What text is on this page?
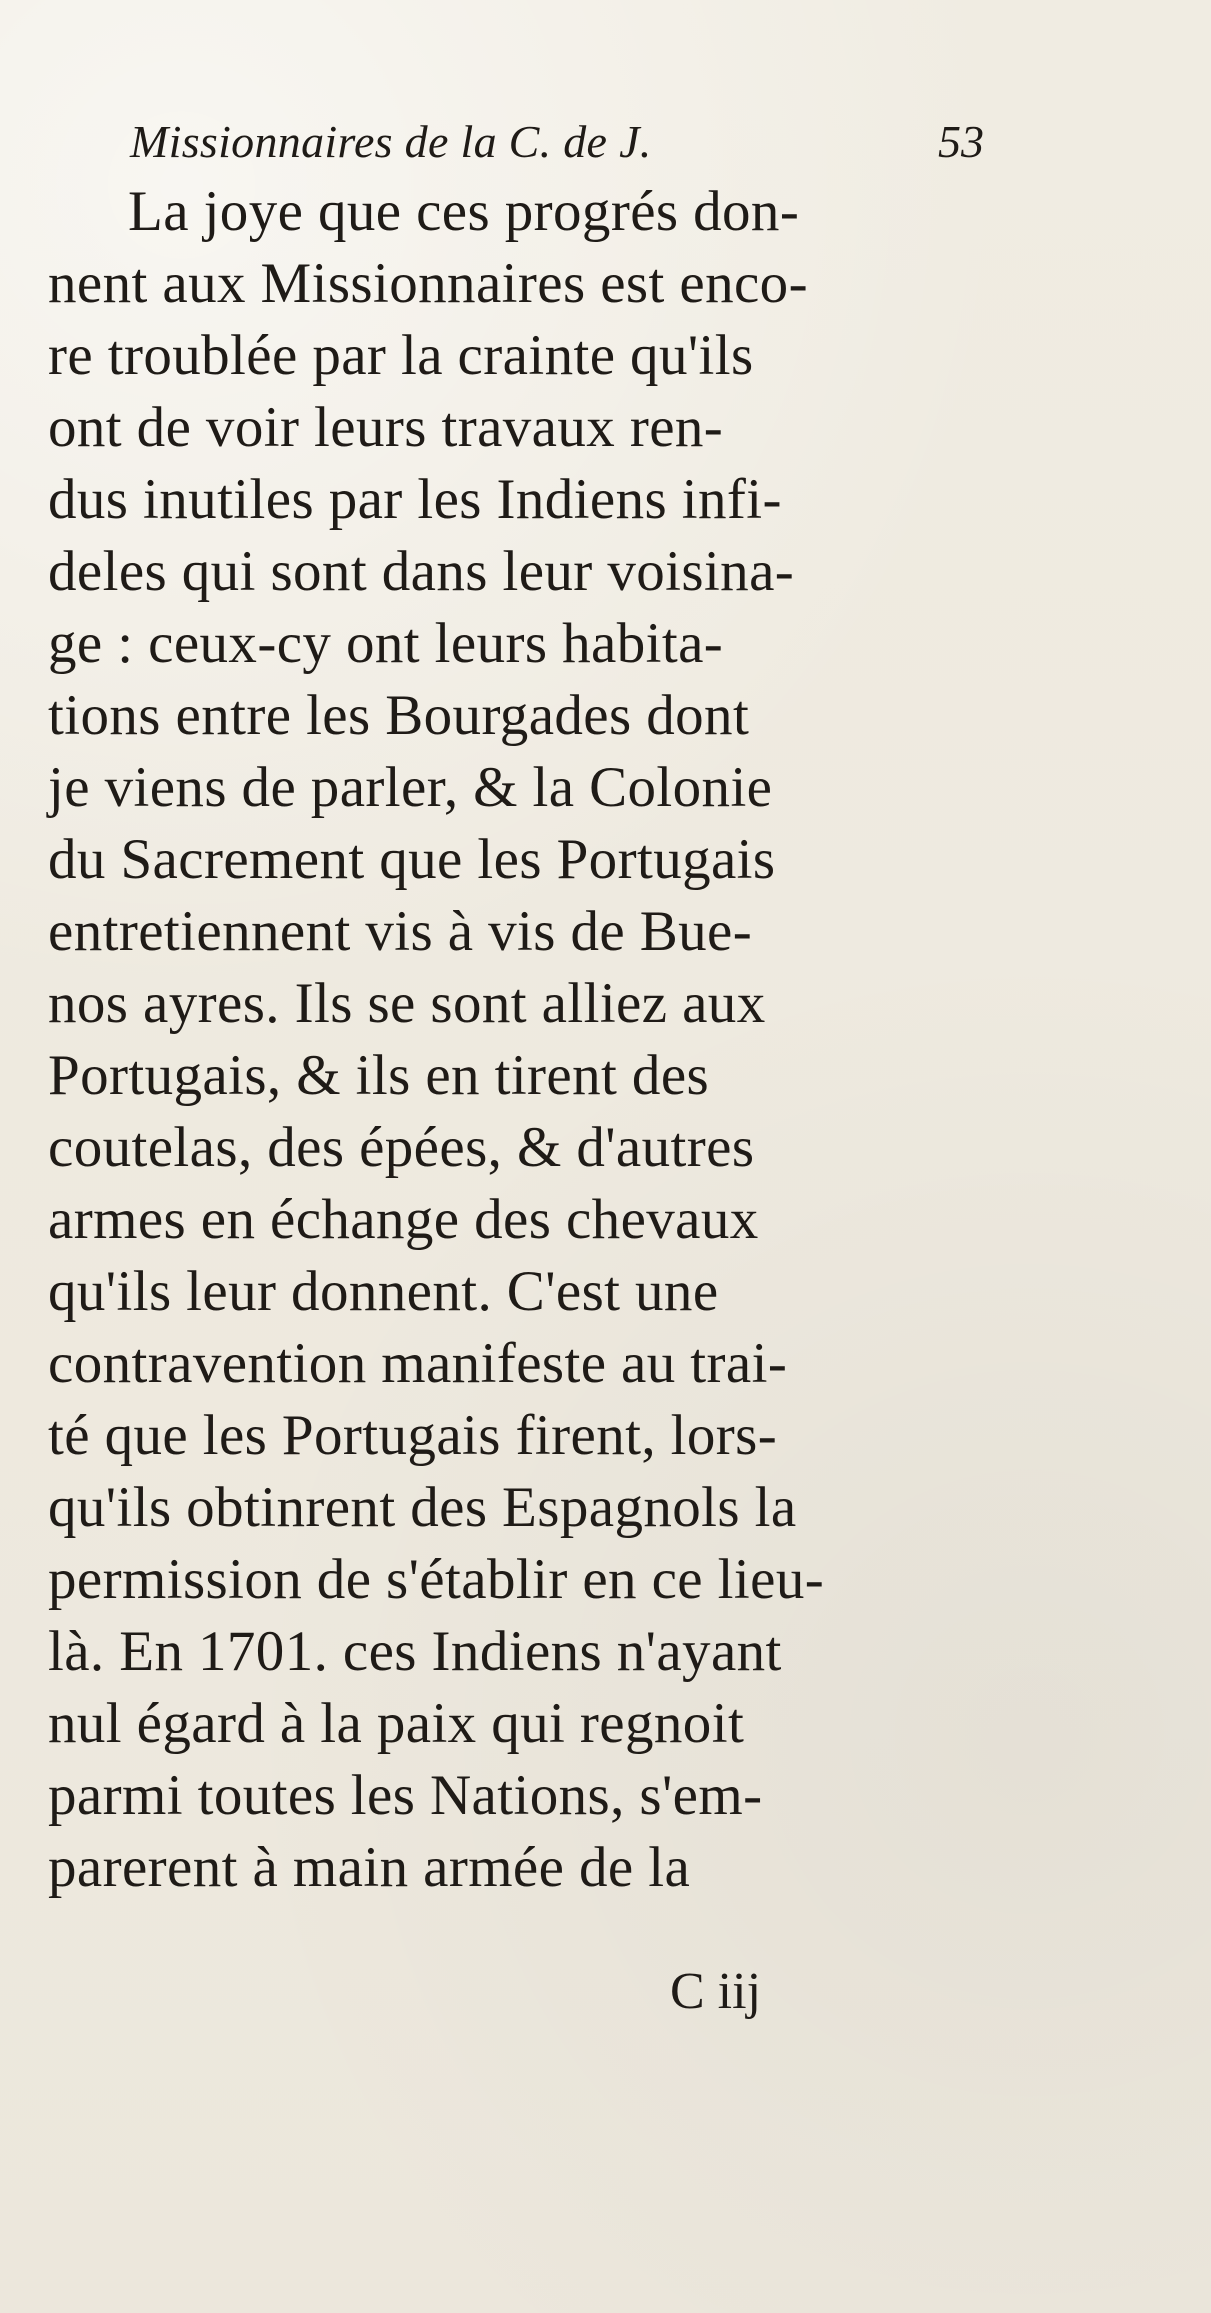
Missionnaires de la C. de J.	53
La joye que ces progrés don-
nent aux Missionnaires est enco-
re troublée par la crainte qu'ils
ont de voir leurs travaux ren-
dus inutiles par les Indiens infi-
deles qui sont dans leur voisina-
ge : ceux-cy ont leurs habita-
tions entre les Bourgades dont
je viens de parler, & la Colonie
du Sacrement que les Portugais
entretiennent vis à vis de Bue-
nos ayres. Ils se sont alliez aux
Portugais, & ils en tirent des
coutelas, des épées, & d'autres
armes en échange des chevaux
qu'ils leur donnent. C'est une
contravention manifeste au trai-
té que les Portugais firent, lors-
qu'ils obtinrent des Espagnols la
permission de s'établir en ce lieu-
là. En 1701. ces Indiens n'ayant
nul égard à la paix qui regnoit
parmi toutes les Nations, s'em-
parerent à main armée de la
C iij
